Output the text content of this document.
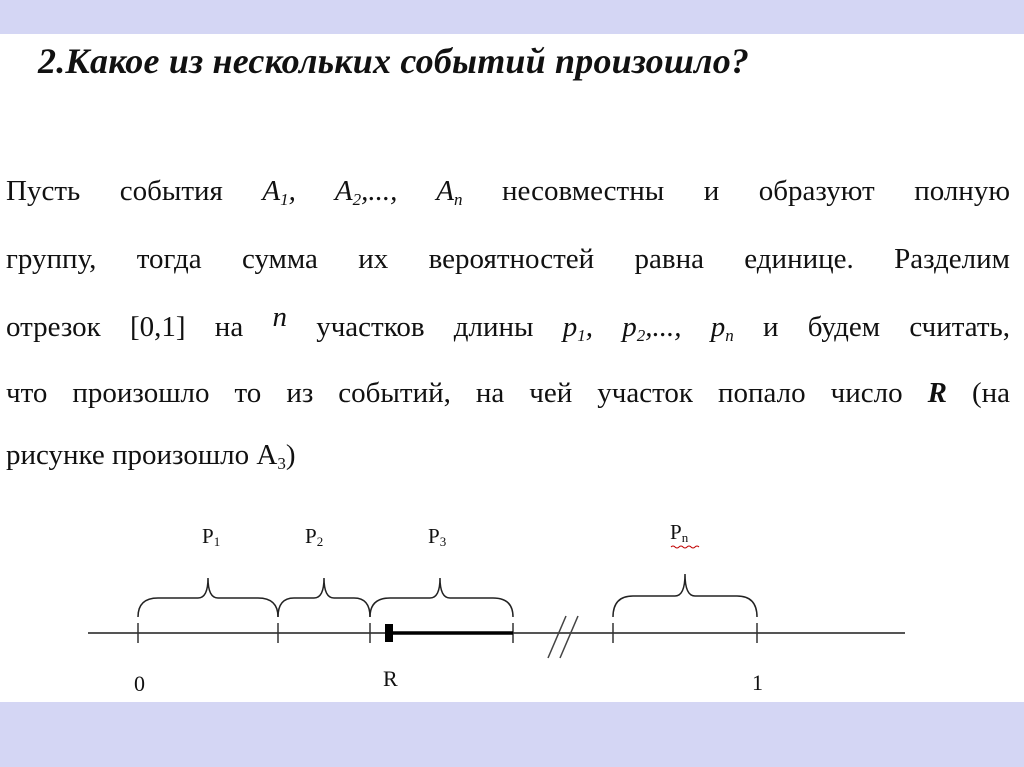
2.Какое из нескольких событий произошло?
Пусть события $A_1$, $A_2$,..., $A_n$ несовместны и образуют полную
группу, тогда сумма их вероятностей равна единице. Разделим
отрезок [0,1] на n участков длины $p_1$, $p_2$,..., $p_n$ и будем считать,
что произошло то из событий, на чей участок попало число R (на
рисунке произошло $А_3$)
P1	P2	P3	Pn
0	R	1
